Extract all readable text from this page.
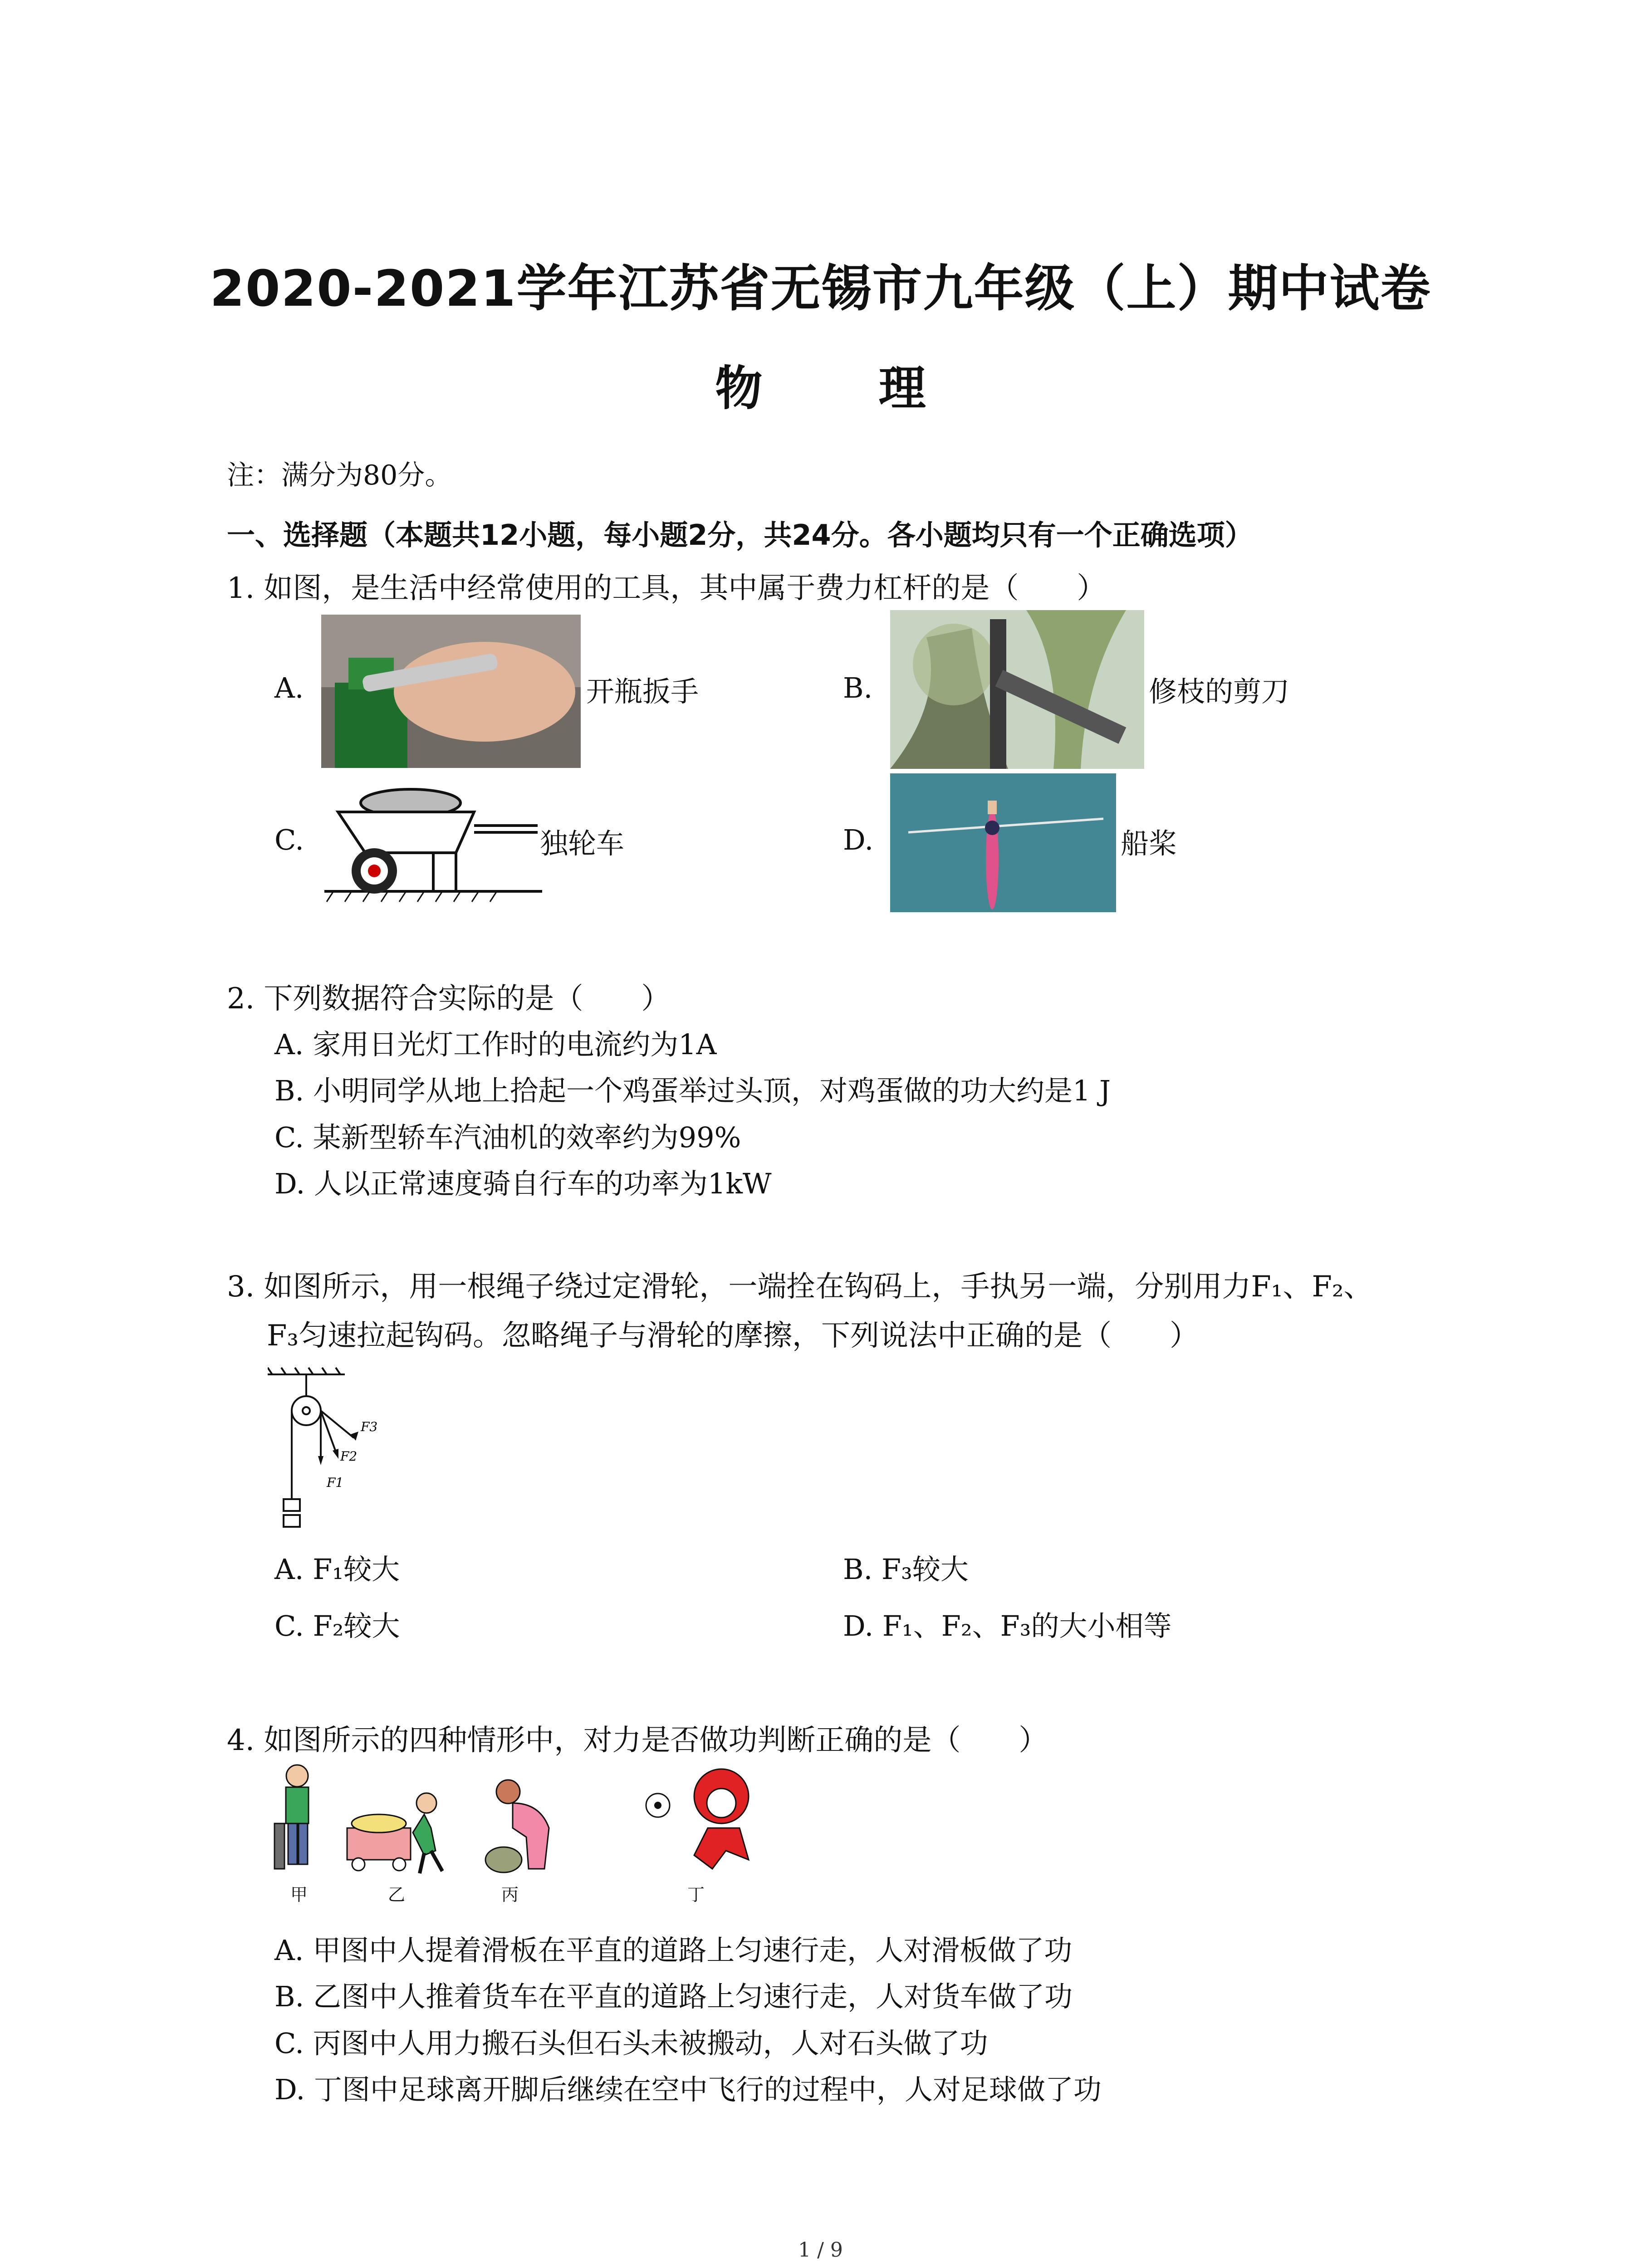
2020-2021学年江苏省无锡市九年级（上）期中试卷
物 理
注：满分为80分。
一、选择题（本题共12小题，每小题2分，共24分。各小题均只有一个正确选项）
1. 如图，是生活中经常使用的工具，其中属于费力杠杆的是（　　）
A.	开瓶扳手	B.	修枝的剪刀
C.	独轮车	D.	船桨
2. 下列数据符合实际的是（　　）
A. 家用日光灯工作时的电流约为1A
B. 小明同学从地上拾起一个鸡蛋举过头顶，对鸡蛋做的功大约是1 J
C. 某新型轿车汽油机的效率约为99%
D. 人以正常速度骑自行车的功率为1kW
3. 如图所示，用一根绳子绕过定滑轮，一端拴在钩码上，手执另一端，分别用力F₁、F₂、
F₃匀速拉起钩码。忽略绳子与滑轮的摩擦，下列说法中正确的是（　　）
F3
F2
F1
A. F₁较大	B. F₃较大
C. F₂较大	D. F₁、F₂、F₃的大小相等
4. 如图所示的四种情形中，对力是否做功判断正确的是（　　）
甲	乙	丙	丁
A. 甲图中人提着滑板在平直的道路上匀速行走，人对滑板做了功
B. 乙图中人推着货车在平直的道路上匀速行走，人对货车做了功
C. 丙图中人用力搬石头但石头未被搬动，人对石头做了功
D. 丁图中足球离开脚后继续在空中飞行的过程中，人对足球做了功
1 / 9
